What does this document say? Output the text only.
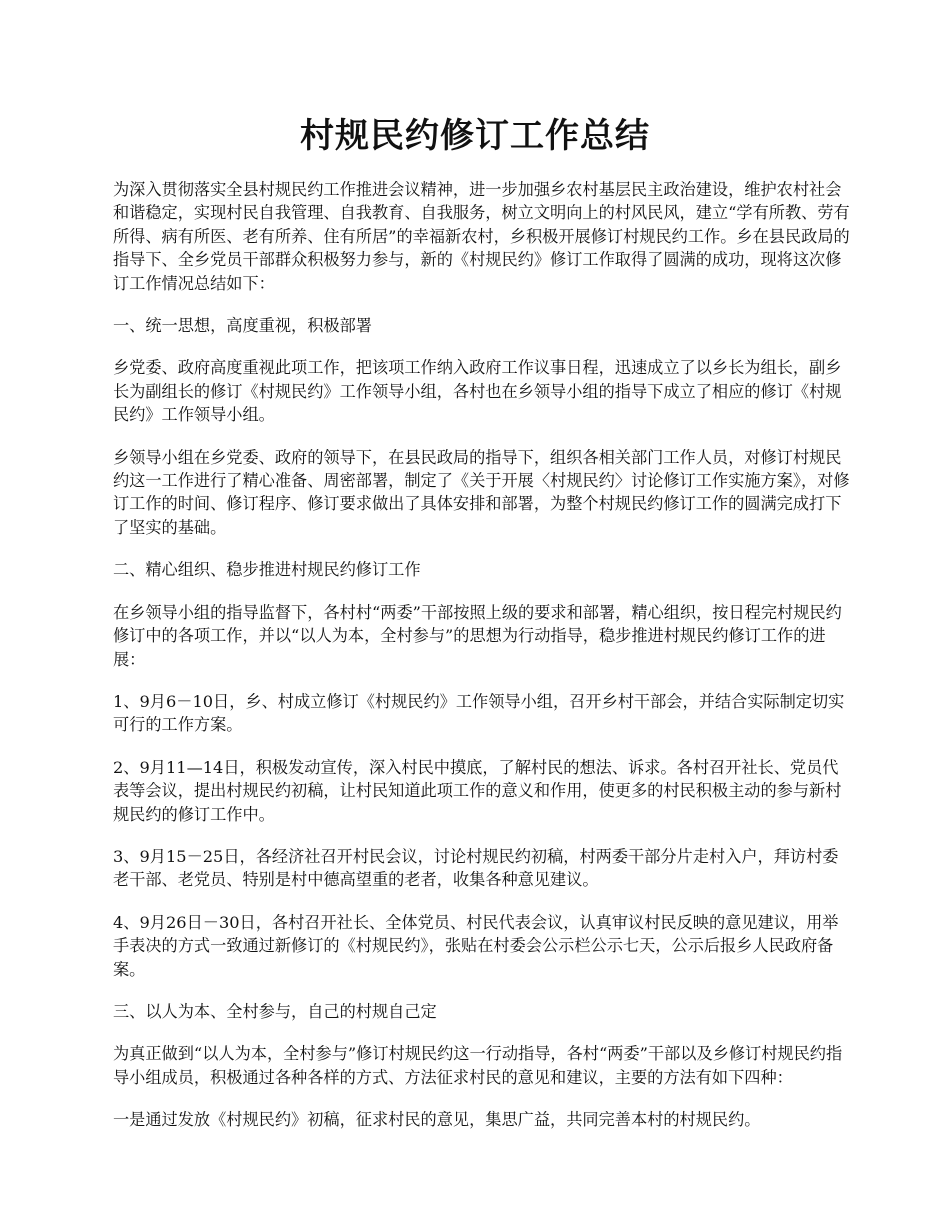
村规民约修订工作总结

为深入贯彻落实全县村规民约工作推进会议精神，进一步加强乡农村基层民主政治建设，维护农村社会和谐稳定，实现村民自我管理、自我教育、自我服务，树立文明向上的村风民风，建立“学有所教、劳有所得、病有所医、老有所养、住有所居”的幸福新农村，乡积极开展修订村规民约工作。乡在县民政局的指导下、全乡党员干部群众积极努力参与，新的《村规民约》修订工作取得了圆满的成功，现将这次修订工作情况总结如下：

一、统一思想，高度重视，积极部署

乡党委、政府高度重视此项工作，把该项工作纳入政府工作议事日程，迅速成立了以乡长为组长，副乡长为副组长的修订《村规民约》工作领导小组，各村也在乡领导小组的指导下成立了相应的修订《村规民约》工作领导小组。

乡领导小组在乡党委、政府的领导下，在县民政局的指导下，组织各相关部门工作人员，对修订村规民约这一工作进行了精心准备、周密部署，制定了《关于开展〈村规民约〉讨论修订工作实施方案》，对修订工作的时间、修订程序、修订要求做出了具体安排和部署，为整个村规民约修订工作的圆满完成打下了坚实的基础。

二、精心组织、稳步推进村规民约修订工作

在乡领导小组的指导监督下，各村村“两委”干部按照上级的要求和部署，精心组织，按日程完村规民约修订中的各项工作，并以“以人为本，全村参与”的思想为行动指导，稳步推进村规民约修订工作的进展：

1、9月6－10日，乡、村成立修订《村规民约》工作领导小组，召开乡村干部会，并结合实际制定切实可行的工作方案。

2、9月11—14日，积极发动宣传，深入村民中摸底，了解村民的想法、诉求。各村召开社长、党员代表等会议，提出村规民约初稿，让村民知道此项工作的意义和作用，使更多的村民积极主动的参与新村规民约的修订工作中。

3、9月15－25日，各经济社召开村民会议，讨论村规民约初稿，村两委干部分片走村入户，拜访村委老干部、老党员、特别是村中德高望重的老者，收集各种意见建议。

4、9月26日－30日，各村召开社长、全体党员、村民代表会议，认真审议村民反映的意见建议，用举手表决的方式一致通过新修订的《村规民约》，张贴在村委会公示栏公示七天，公示后报乡人民政府备案。

三、以人为本、全村参与，自己的村规自己定

为真正做到“以人为本，全村参与”修订村规民约这一行动指导，各村“两委”干部以及乡修订村规民约指导小组成员，积极通过各种各样的方式、方法征求村民的意见和建议，主要的方法有如下四种：

一是通过发放《村规民约》初稿，征求村民的意见，集思广益，共同完善本村的村规民约。
